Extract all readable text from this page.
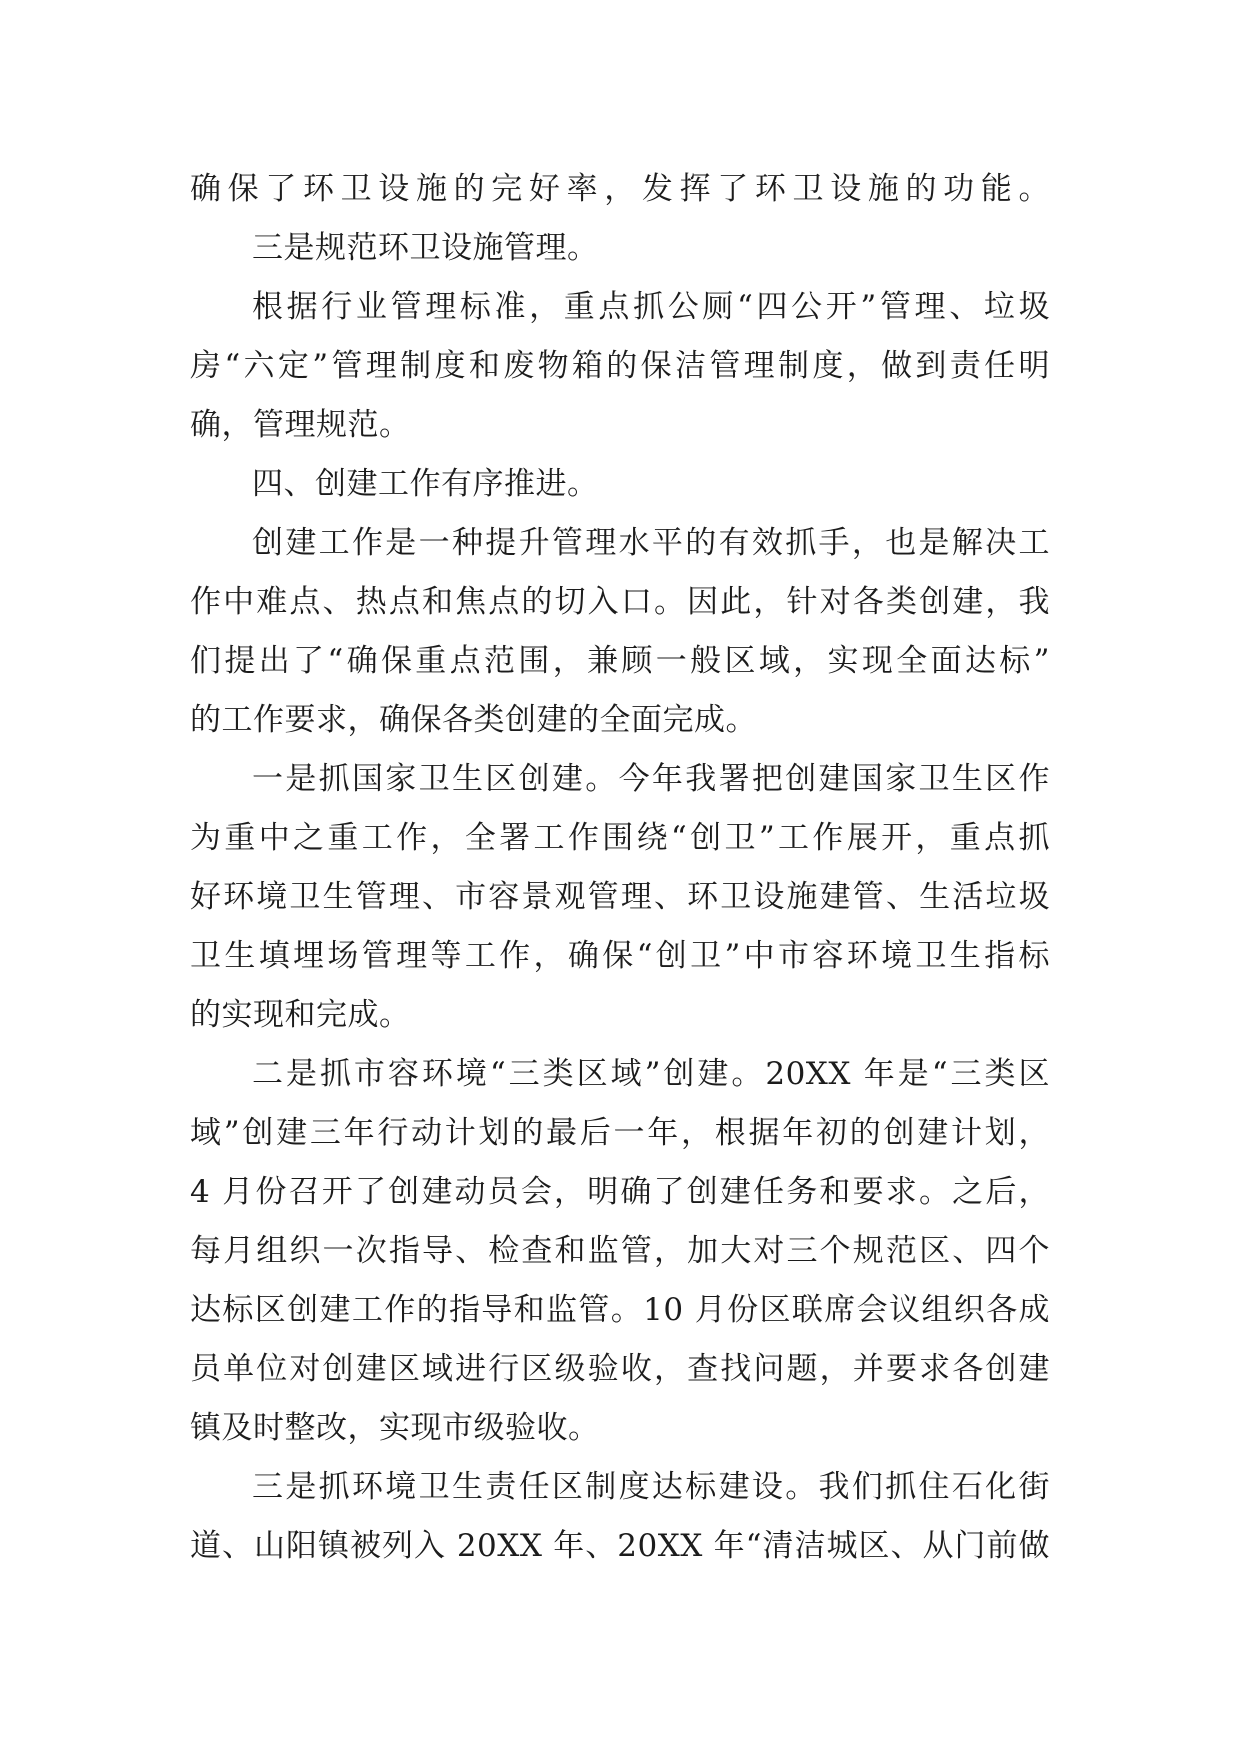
确保了环卫设施的完好率，发挥了环卫设施的功能。
三是规范环卫设施管理。
根据行业管理标准，重点抓公厕“四公开”管理、垃圾
房“六定”管理制度和废物箱的保洁管理制度，做到责任明
确，管理规范。
四、创建工作有序推进。
创建工作是一种提升管理水平的有效抓手，也是解决工
作中难点、热点和焦点的切入口。因此，针对各类创建，我
们提出了“确保重点范围，兼顾一般区域，实现全面达标”
的工作要求，确保各类创建的全面完成。
一是抓国家卫生区创建。今年我署把创建国家卫生区作
为重中之重工作，全署工作围绕“创卫”工作展开，重点抓
好环境卫生管理、市容景观管理、环卫设施建管、生活垃圾
卫生填埋场管理等工作，确保“创卫”中市容环境卫生指标
的实现和完成。
二是抓市容环境“三类区域”创建。20XX 年是“三类区
域”创建三年行动计划的最后一年，根据年初的创建计划，
4 月份召开了创建动员会，明确了创建任务和要求。之后，
每月组织一次指导、检查和监管，加大对三个规范区、四个
达标区创建工作的指导和监管。10 月份区联席会议组织各成
员单位对创建区域进行区级验收，查找问题，并要求各创建
镇及时整改，实现市级验收。
三是抓环境卫生责任区制度达标建设。我们抓住石化街
道、山阳镇被列入 20XX 年、20XX 年“清洁城区、从门前做
